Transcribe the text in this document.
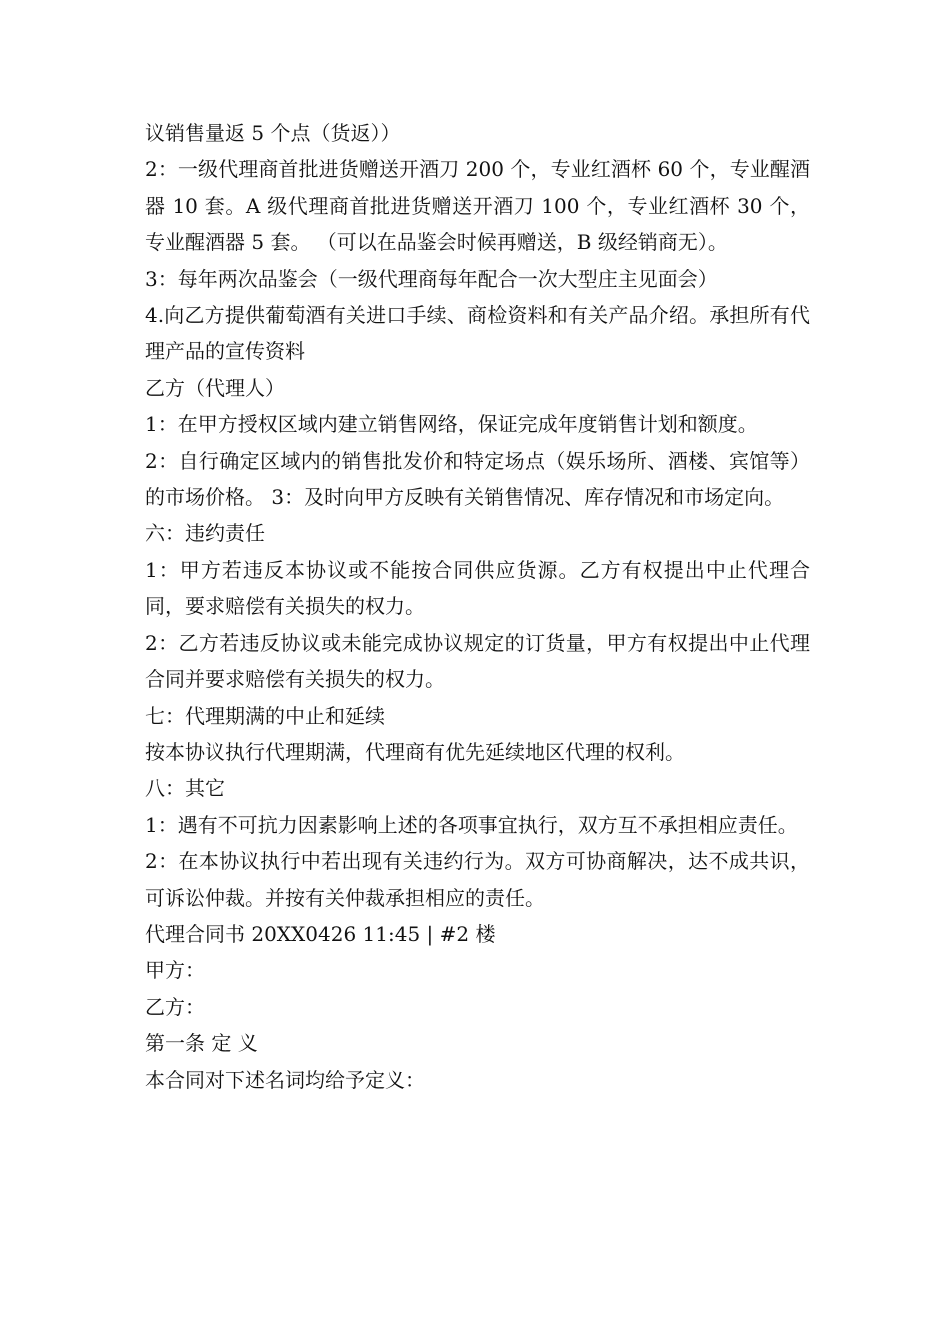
议销售量返 5 个点（货返））

2：一级代理商首批进货赠送开酒刀 200 个，专业红酒杯 60 个，专业醒酒器 10 套。A 级代理商首批进货赠送开酒刀 100 个，专业红酒杯 30 个，专业醒酒器 5 套。 （可以在品鉴会时候再赠送，B 级经销商无）。

3：每年两次品鉴会（一级代理商每年配合一次大型庄主见面会）

4.向乙方提供葡萄酒有关进口手续、商检资料和有关产品介绍。承担所有代理产品的宣传资料

乙方（代理人）

1：在甲方授权区域内建立销售网络，保证完成年度销售计划和额度。

2：自行确定区域内的销售批发价和特定场点（娱乐场所、酒楼、宾馆等）的市场价格。 3：及时向甲方反映有关销售情况、库存情况和市场定向。

六：违约责任

1：甲方若违反本协议或不能按合同供应货源。乙方有权提出中止代理合同，要求赔偿有关损失的权力。

2：乙方若违反协议或未能完成协议规定的订货量，甲方有权提出中止代理合同并要求赔偿有关损失的权力。

七：代理期满的中止和延续

按本协议执行代理期满，代理商有优先延续地区代理的权利。

八：其它

1：遇有不可抗力因素影响上述的各项事宜执行，双方互不承担相应责任。

2：在本协议执行中若出现有关违约行为。双方可协商解决，达不成共识，可诉讼仲裁。并按有关仲裁承担相应的责任。

代理合同书 20XX0426 11:45 | #2 楼

甲方：

乙方：

第一条 定 义

本合同对下述名词均给予定义：
